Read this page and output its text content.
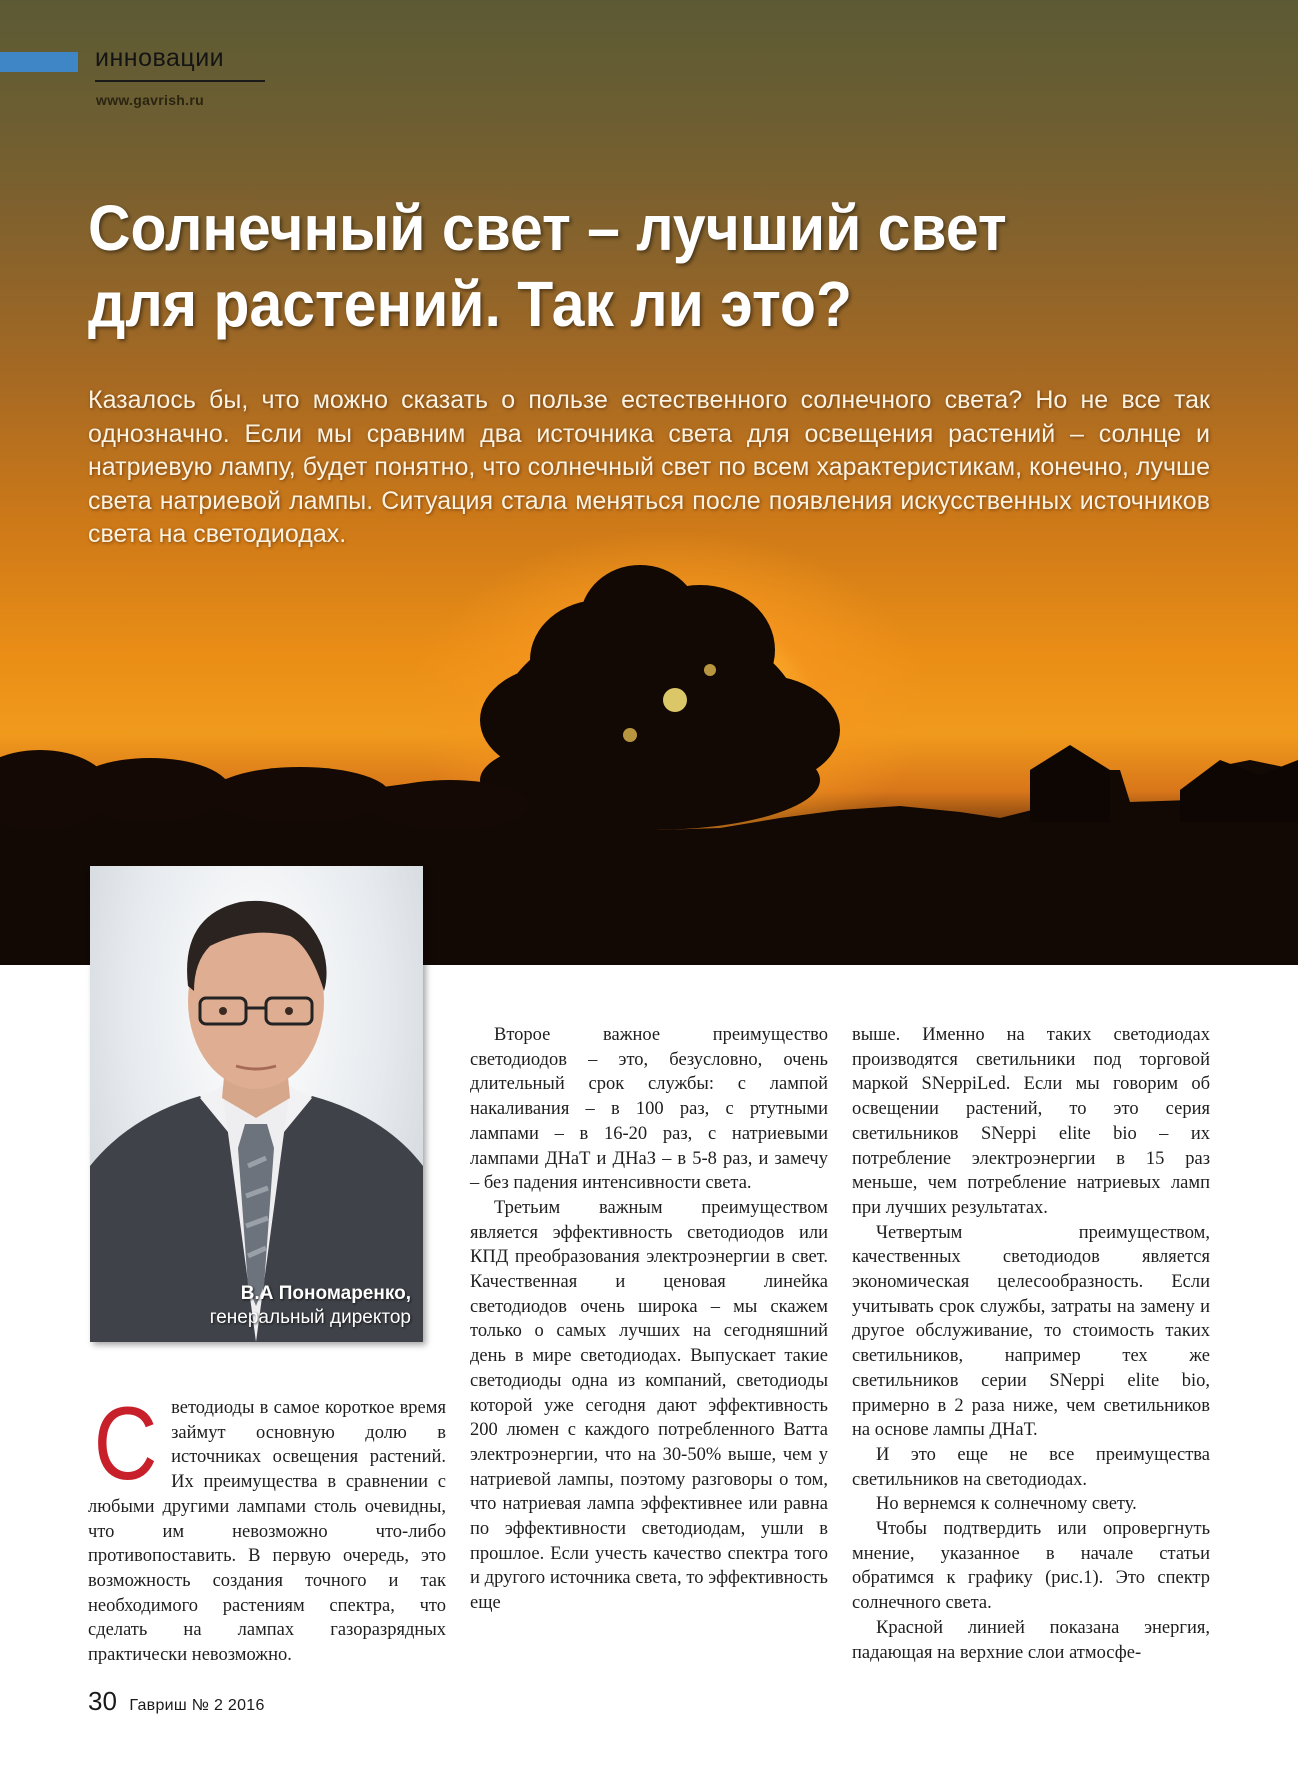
инновации
www.gavrish.ru
Солнечный свет – лучший свет
для растений. Так ли это?

Казалось бы, что можно сказать о пользе естественного солнечного света? Но не все так однозначно. Если мы сравним два источника света для освещения растений – солнце и натриевую лампу, будет понятно, что солнечный свет по всем характеристикам, конечно, лучше света натриевой лампы. Ситуация стала меняться после появления искусственных источников света на светодиодах.

В.А Пономаренко,
генеральный директор
С ветодиоды в самое короткое время займут основную долю в источниках освещения растений. Их преимущества в сравнении с любыми другими лампами столь очевидны, что им невозможно что-либо противопоставить. В первую очередь, это возможность создания точного и так необходимого растениям спектра, что сделать на лампах газоразрядных практически невозможно.

Второе важное преимущество светодиодов – это, безусловно, очень длительный срок службы: с лампой накаливания – в 100 раз, с ртутными лампами – в 16-20 раз, с натриевыми лампами ДНаТ и ДНаЗ – в 5-8 раз, и замечу – без падения интенсивности света.

Третьим важным преимуществом является эффективность светодиодов или КПД преобразования электроэнергии в свет. Качественная и ценовая линейка светодиодов очень широка – мы скажем только о самых лучших на сегодняшний день в мире светодиодах. Выпускает такие светодиоды одна из компаний, светодиоды которой уже сегодня дают эффективность 200 люмен с каждого потребленного Ватта электроэнергии, что на 30-50% выше, чем у натриевой лампы, поэтому разговоры о том, что натриевая лампа эффективнее или равна по эффективности светодиодам, ушли в прошлое. Если учесть качество спектра того и другого источника света, то эффективность еще

выше. Именно на таких светодиодах производятся светильники под торговой маркой SNeppiLed. Если мы говорим об освещении растений, то это серия светильников SNeppi elite bio – их потребление электроэнергии в 15 раз меньше, чем потребление натриевых ламп при лучших результатах.

Четвертым преимуществом, качественных светодиодов является экономическая целесообразность. Если учитывать срок службы, затраты на замену и другое обслуживание, то стоимость таких светильников, например тех же светильников серии SNeppi elite bio, примерно в 2 раза ниже, чем светильников на основе лампы ДНаТ.

И это еще не все преимущества светильников на светодиодах.

Но вернемся к солнечному свету.

Чтобы подтвердить или опровергнуть мнение, указанное в начале статьи обратимся к графику (рис.1). Это спектр солнечного света.

Красной линией показана энергия, падающая на верхние слои атмосфе-

30 Гавриш № 2 2016
